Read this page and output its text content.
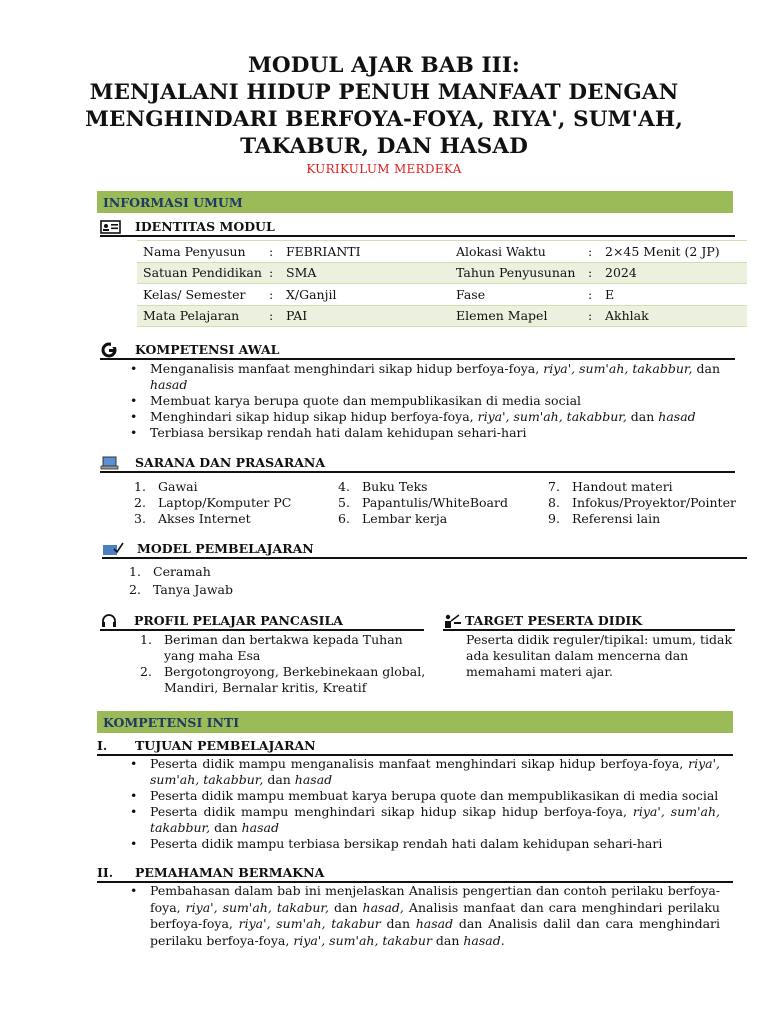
MODUL AJAR BAB III:
MENJALANI HIDUP PENUH MANFAAT DENGAN
MENGHINDARI BERFOYA-FOYA, RIYA', SUM'AH,
TAKABUR, DAN HASAD
KURIKULUM MERDEKA
INFORMASI UMUM
IDENTITAS MODUL
Nama Penyusun	:	FEBRIANTI	Alokasi Waktu	:	2×45 Menit (2 JP)
Satuan Pendidikan	:	SMA	Tahun Penyusunan	:	2024
Kelas/ Semester	:	X/Ganjil	Fase	:	E
Mata Pelajaran	:	PAI	Elemen Mapel	:	Akhlak
KOMPETENSI AWAL
• Menganalisis manfaat menghindari sikap hidup berfoya-foya, riya', sum'ah, takabbur, dan hasad
• Membuat karya berupa quote dan mempublikasikan di media social
• Menghindari sikap hidup sikap hidup berfoya-foya, riya', sum'ah, takabbur, dan hasad
• Terbiasa bersikap rendah hati dalam kehidupan sehari-hari
SARANA DAN PRASARANA
1. Gawai
2. Laptop/Komputer PC
3. Akses Internet
4. Buku Teks
5. Papantulis/WhiteBoard
6. Lembar kerja
7. Handout materi
8. Infokus/Proyektor/Pointer
9. Referensi lain
MODEL PEMBELAJARAN
1. Ceramah
2. Tanya Jawab
PROFIL PELAJAR PANCASILA
1. Beriman dan bertakwa kepada Tuhan
yang maha Esa
2. Bergotongroyong, Berkebinekaan global,
Mandiri, Bernalar kritis, Kreatif
TARGET PESERTA DIDIK
Peserta didik reguler/tipikal: umum, tidak
ada kesulitan dalam mencerna dan
memahami materi ajar.
KOMPETENSI INTI
I. TUJUAN PEMBELAJARAN
• Peserta didik mampu menganalisis manfaat menghindari sikap hidup berfoya-foya, riya', sum'ah, takabbur, dan hasad
• Peserta didik mampu membuat karya berupa quote dan mempublikasikan di media social
• Peserta didik mampu menghindari sikap hidup sikap hidup berfoya-foya, riya', sum'ah, takabbur, dan hasad
• Peserta didik mampu terbiasa bersikap rendah hati dalam kehidupan sehari-hari
II. PEMAHAMAN BERMAKNA
• Pembahasan dalam bab ini menjelaskan Analisis pengertian dan contoh perilaku berfoya-foya, riya', sum'ah, takabur, dan hasad, Analisis manfaat dan cara menghindari perilaku berfoya-foya, riya', sum'ah, takabur dan hasad dan Analisis dalil dan cara menghindari perilaku berfoya-foya, riya', sum'ah, takabur dan hasad.
